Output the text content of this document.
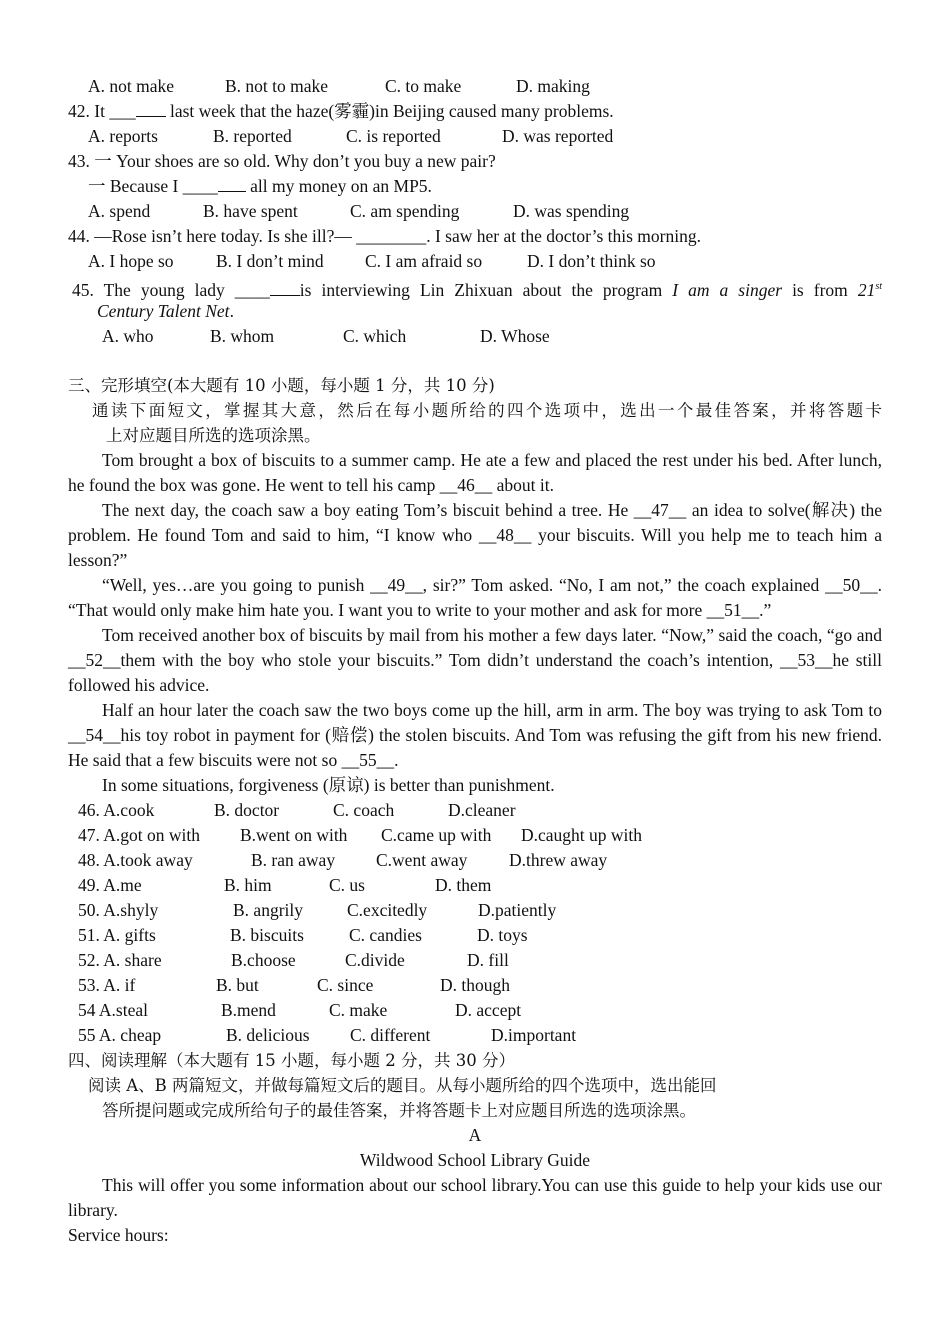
A. not make	B. not to make	C. to make	D. making
42. It ___ last week that the haze(雾霾)in Beijing caused many problems.
A. reports	B. reported	C. is reported	D. was reported
43. 一 Your shoes are so old. Why don’t you buy a new pair?
一 Because I ____ all my money on an MP5.
A. spend	B. have spent	C. am spending	D. was spending
44. —Rose isn’t here today. Is she ill?— ________. I saw her at the doctor’s this morning.
A. I hope so B. I don’t mind C. I am afraid so	D. I don’t think so
45. The young lady ____ is interviewing Lin Zhixuan about the program I am a singer is from 21st
Century Talent Net.
A. who	B. whom	C. which	D. Whose
三、完形填空(本大题有 10 小题，每小题 1 分，共 10 分)
通读下面短文，掌握其大意，然后在每小题所给的四个选项中，选出一个最佳答案，并将答题卡
上对应题目所选的选项涂黑。
Tom brought a box of biscuits to a summer camp. He ate a few and placed the rest under his bed. After lunch, he found the box was gone. He went to tell his camp __46__ about it.
The next day, the coach saw a boy eating Tom’s biscuit behind a tree. He __47__ an idea to solve(解决) the problem. He found Tom and said to him, “I know who __48__ your biscuits. Will you help me to teach him a lesson?”
“Well, yes…are you going to punish __49__, sir?” Tom asked. “No, I am not,” the coach explained __50__. “That would only make him hate you. I want you to write to your mother and ask for more __51__.”
Tom received another box of biscuits by mail from his mother a few days later. “Now,” said the coach, “go and __52__them with the boy who stole your biscuits.” Tom didn’t understand the coach’s intention, __53__he still followed his advice.
Half an hour later the coach saw the two boys come up the hill, arm in arm. The boy was trying to ask Tom to __54__his toy robot in payment for (赔偿) the stolen biscuits. And Tom was refusing the gift from his new friend. He said that a few biscuits were not so __55__.
In some situations, forgiveness (原谅) is better than punishment.
46. A.cook	B. doctor	C. coach	D.cleaner
47. A.got on with B.went on with C.came up with D.caught up with
48. A.took away	B. ran away C.went away D.threw away
49. A.me	B. him	C. us	D. them
50. A.shyly	B. angrily	C.excitedly	D.patiently
51. A. gifts	B. biscuits	C. candies	D. toys
52. A. share	B.choose	C.divide	D. fill
53. A. if	B. but	C. since	D. though
54 A.steal	B.mend	C. make	D. accept
55 A. cheap	B. delicious C. different	D.important
四、阅读理解（本大题有 15 小题，每小题 2 分，共 30 分）
阅读 A、B 两篇短文，并做每篇短文后的题目。从每小题所给的四个选项中，选出能回
答所提问题或完成所给句子的最佳答案，并将答题卡上对应题目所选的选项涂黑。
A
Wildwood School Library Guide
This will offer you some information about our school library.You can use this guide to help your kids use our library.
Service hours:
